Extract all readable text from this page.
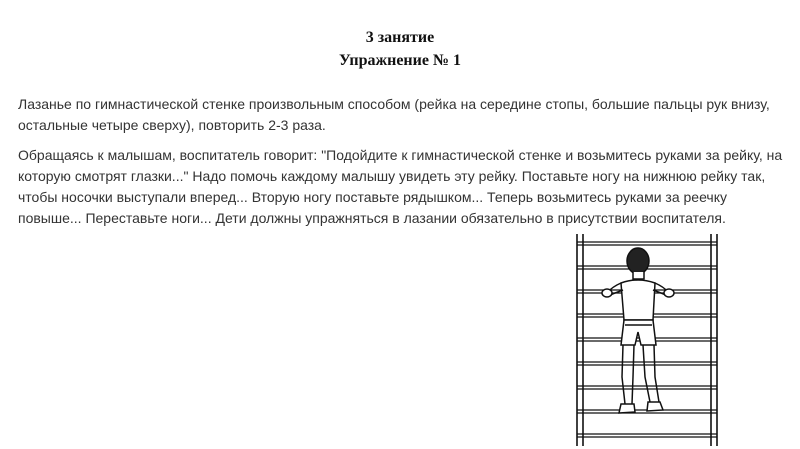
3 занятие
Упражнение № 1

Лазанье по гимнастической стенке произвольным способом (рейка на середине стопы, большие пальцы рук внизу, остальные четыре сверху), повторить 2-3 раза.

Обращаясь к малышам, воспитатель говорит: "Подойдите к гимнастической стенке и возьмитесь руками за рейку, на которую смотрят глазки..." Надо помочь каждому малышу увидеть эту рейку. Поставьте ногу на нижнюю рейку так, чтобы носочки выступали вперед... Вторую ногу поставьте рядышком... Теперь возьмитесь руками за реечку повыше... Переставьте ноги... Дети должны упражняться в лазании обязательно в присутствии воспитателя.
